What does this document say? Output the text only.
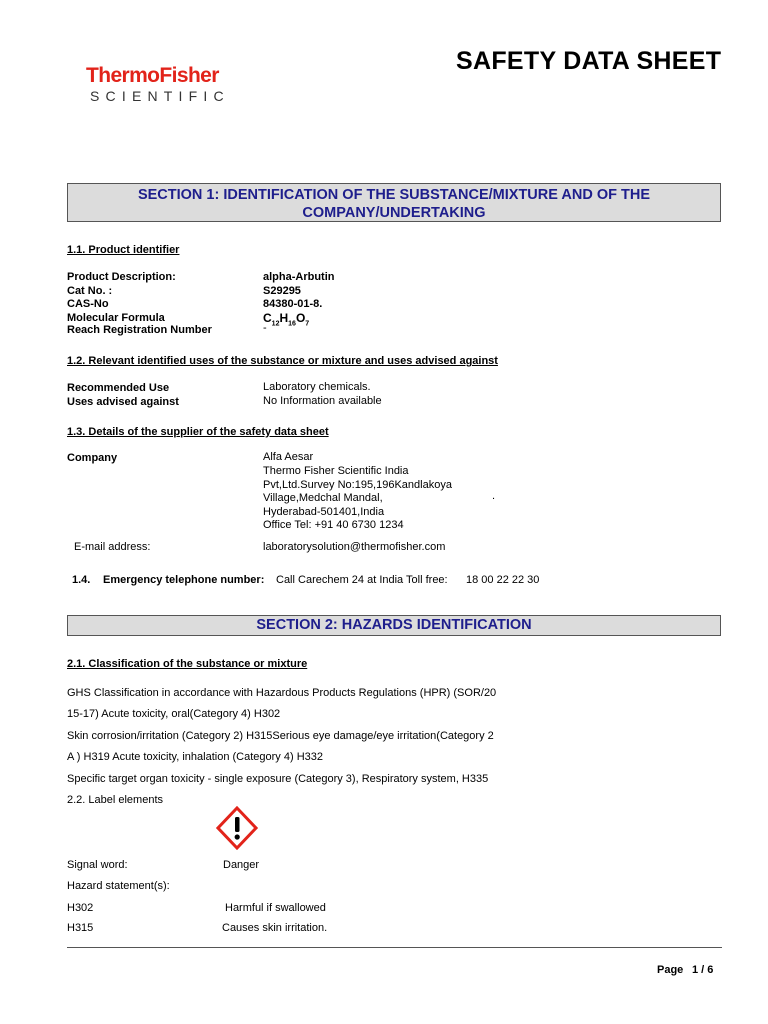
ThermoFisher
SCIENTIFIC
SAFETY DATA SHEET
SECTION 1: IDENTIFICATION OF THE SUBSTANCE/MIXTURE AND OF THE
COMPANY/UNDERTAKING
1.1. Product identifier
Product Description:	alpha-Arbutin
Cat No. :	S29295
CAS-No	84380-01-8.
Molecular Formula	$C_{12}H_{16}O_7$
Reach Registration Number	-
1.2. Relevant identified uses of the substance or mixture and uses advised against
Recommended Use	Laboratory chemicals.
Uses advised against	No Information available
1.3. Details of the supplier of the safety data sheet
Company	Alfa Aesar
Thermo Fisher Scientific India
Pvt,Ltd.Survey No:195,196Kandlakoya
Village,Medchal Mandal,	.
Hyderabad-501401,India
Office Tel: +91 40 6730 1234
E-mail address:	laboratorysolution@thermofisher.com
1.4. Emergency telephone number: Call Carechem 24 at India Toll free: 18 00 22 22 30
SECTION 2: HAZARDS IDENTIFICATION
2.1. Classification of the substance or mixture
GHS Classification in accordance with Hazardous Products Regulations (HPR) (SOR/20
15-17) Acute toxicity, oral(Category 4) H302
Skin corrosion/irritation (Category 2) H315Serious eye damage/eye irritation(Category 2
A ) H319 Acute toxicity, inhalation (Category 4) H332
Specific target organ toxicity - single exposure (Category 3), Respiratory system, H335
2.2. Label elements
Signal word:	Danger
Hazard statement(s):
H302	Harmful if swallowed
H315	Causes skin irritation.
Page 1 / 6
